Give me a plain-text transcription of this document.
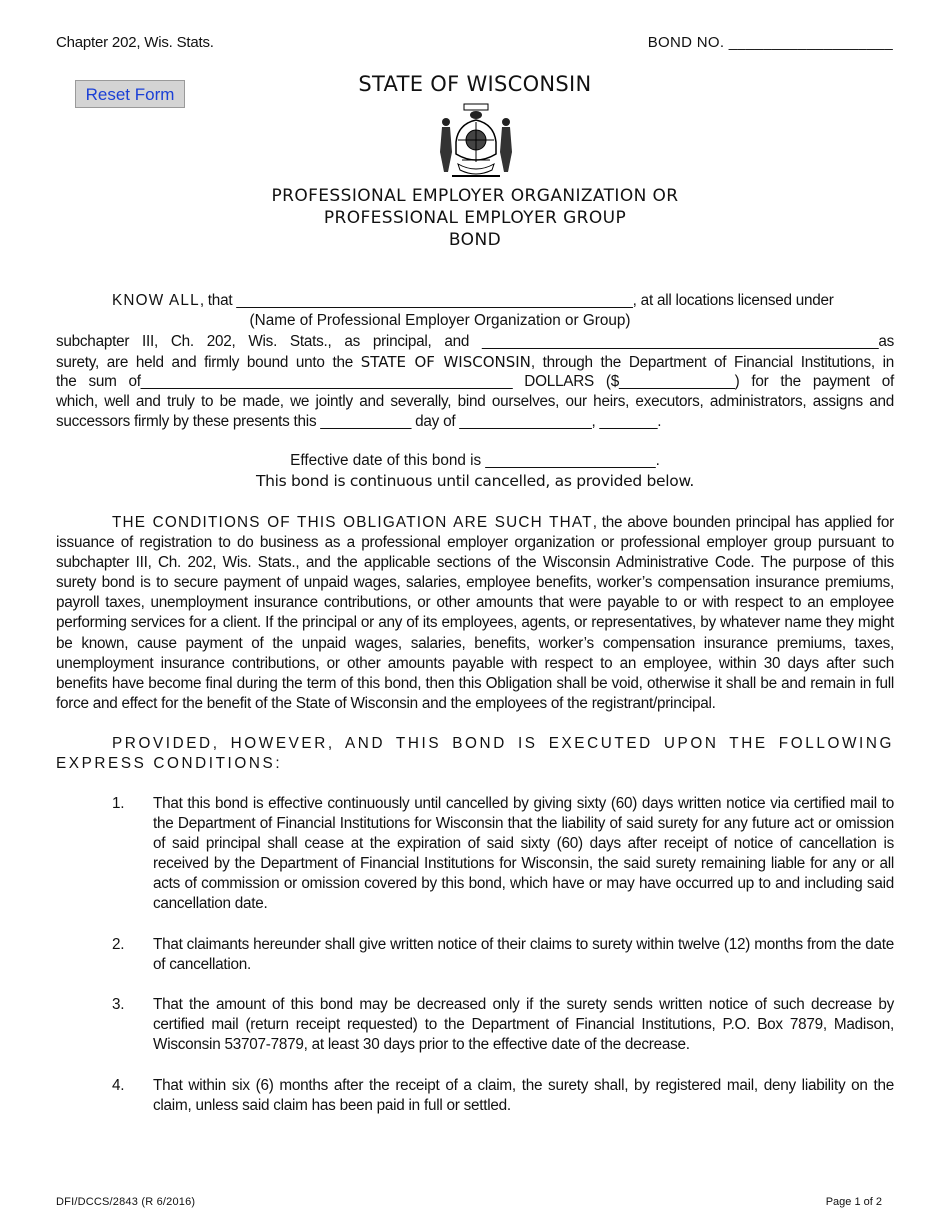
Chapter 202, Wis. Stats.	BOND NO. ___________________
Reset Form	STATE OF WISCONSIN
PROFESSIONAL EMPLOYER ORGANIZATION OR
PROFESSIONAL EMPLOYER GROUP
BOND
KNOW ALL, that ________________________________________________, at all locations licensed under
(Name of Professional Employer Organization or Group)
subchapter III, Ch. 202, Wis. Stats., as principal, and ________________________________________________as
surety, are held and firmly bound unto the STATE OF WISCONSIN, through the Department of Financial Institutions, in
the sum of_____________________________________________ DOLLARS ($______________) for the payment of
which, well and truly to be made, we jointly and severally, bind ourselves, our heirs, executors, administrators, assigns and
successors firmly by these presents this ___________ day of ________________, _______.
Effective date of this bond is ____________________.
This bond is continuous until cancelled, as provided below.
THE CONDITIONS OF THIS OBLIGATION ARE SUCH THAT, the above bounden principal has applied for issuance of registration to do business as a professional employer organization or professional employer group pursuant to subchapter III, Ch. 202, Wis. Stats., and the applicable sections of the Wisconsin Administrative Code. The purpose of this surety bond is to secure payment of unpaid wages, salaries, employee benefits, worker’s compensation insurance premiums, payroll taxes, unemployment insurance contributions, or other amounts that were payable to or with respect to an employee performing services for a client. If the principal or any of its employees, agents, or representatives, by whatever name they might be known, cause payment of the unpaid wages, salaries, benefits, worker’s compensation insurance premiums, taxes, unemployment insurance contributions, or other amounts payable with respect to an employee, within 30 days after such benefits have become final during the term of this bond, then this Obligation shall be void, otherwise it shall be and remain in full force and effect for the benefit of the State of Wisconsin and the employees of the registrant/principal.
PROVIDED, HOWEVER, AND THIS BOND IS EXECUTED UPON THE FOLLOWING EXPRESS CONDITIONS:
1. That this bond is effective continuously until cancelled by giving sixty (60) days written notice via certified mail to the Department of Financial Institutions for Wisconsin that the liability of said surety for any future act or omission of said principal shall cease at the expiration of said sixty (60) days after receipt of notice of cancellation is received by the Department of Financial Institutions for Wisconsin, the said surety remaining liable for any or all acts of commission or omission covered by this bond, which have or may have occurred up to and including said cancellation date.
2. That claimants hereunder shall give written notice of their claims to surety within twelve (12) months from the date of cancellation.
3. That the amount of this bond may be decreased only if the surety sends written notice of such decrease by certified mail (return receipt requested) to the Department of Financial Institutions, P.O. Box 7879, Madison, Wisconsin 53707-7879, at least 30 days prior to the effective date of the decrease.
4. That within six (6) months after the receipt of a claim, the surety shall, by registered mail, deny liability on the claim, unless said claim has been paid in full or settled.
DFI/DCCS/2843 (R 6/2016)	Page 1 of 2
